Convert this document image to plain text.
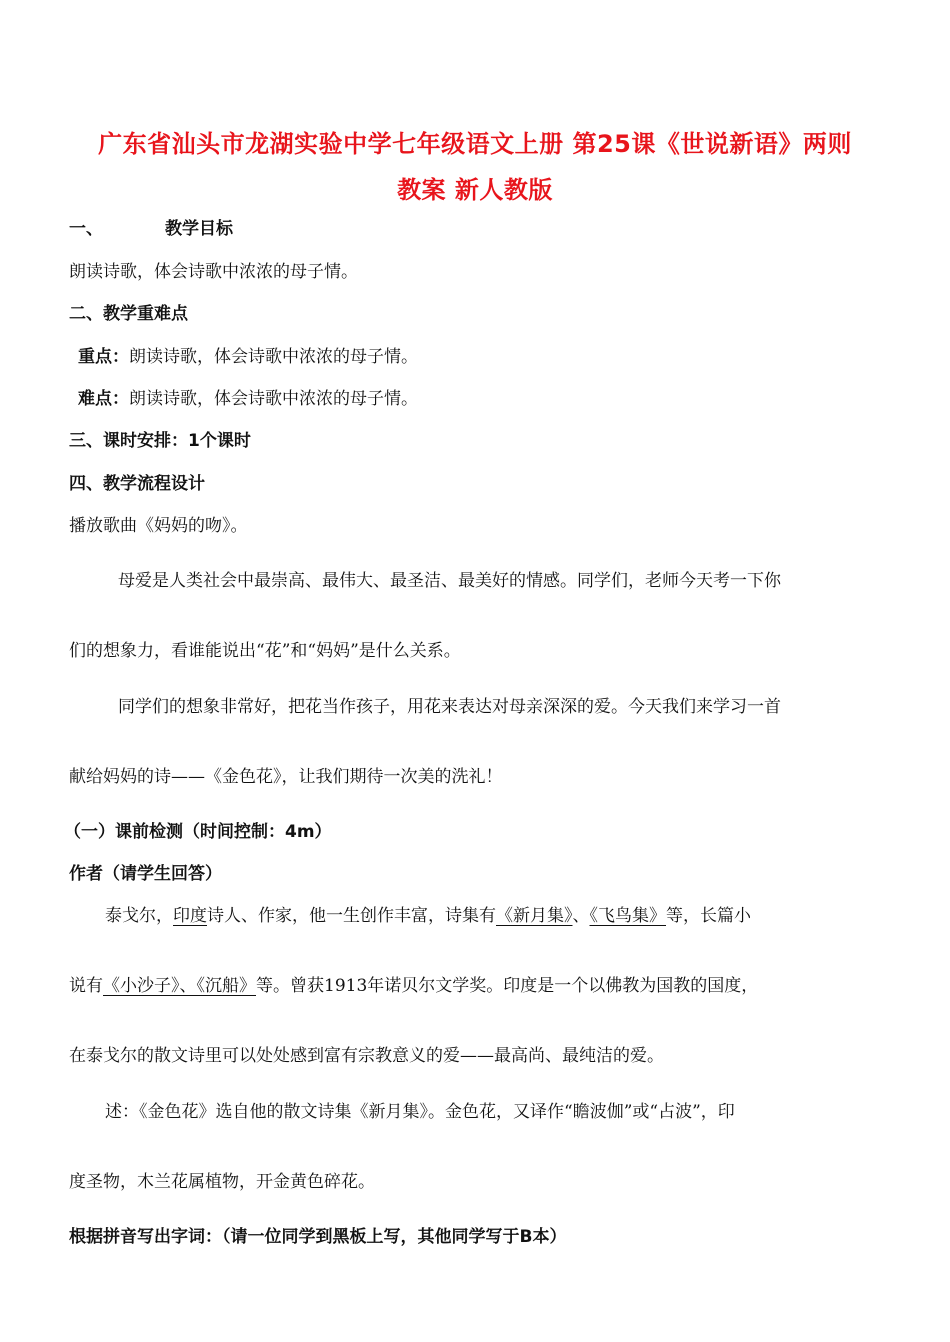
广东省汕头市龙湖实验中学七年级语文上册 第25课《世说新语》两则
教案 新人教版
一、	教学目标
朗读诗歌，体会诗歌中浓浓的母子情。
二、教学重难点
重点：朗读诗歌，体会诗歌中浓浓的母子情。
难点：朗读诗歌，体会诗歌中浓浓的母子情。
三、课时安排：1个课时
四、教学流程设计
播放歌曲《妈妈的吻》。
母爱是人类社会中最崇高、最伟大、最圣洁、最美好的情感。同学们，老师今天考一下你
们的想象力，看谁能说出“花”和“妈妈”是什么关系。
同学们的想象非常好，把花当作孩子，用花来表达对母亲深深的爱。今天我们来学习一首
献给妈妈的诗——《金色花》，让我们期待一次美的洗礼！
（一）课前检测（时间控制：4m）
作者（请学生回答）
泰戈尔，印度诗人、作家，他一生创作丰富，诗集有《新月集》、《飞鸟集》等，长篇小
说有《小沙子》、《沉船》等。曾获1913年诺贝尔文学奖。印度是一个以佛教为国教的国度，
在泰戈尔的散文诗里可以处处感到富有宗教意义的爱——最高尚、最纯洁的爱。
述：《金色花》选自他的散文诗集《新月集》。金色花，又译作“瞻波伽”或“占波”，印
度圣物，木兰花属植物，开金黄色碎花。
根据拼音写出字词：（请一位同学到黑板上写，其他同学写于B本）
